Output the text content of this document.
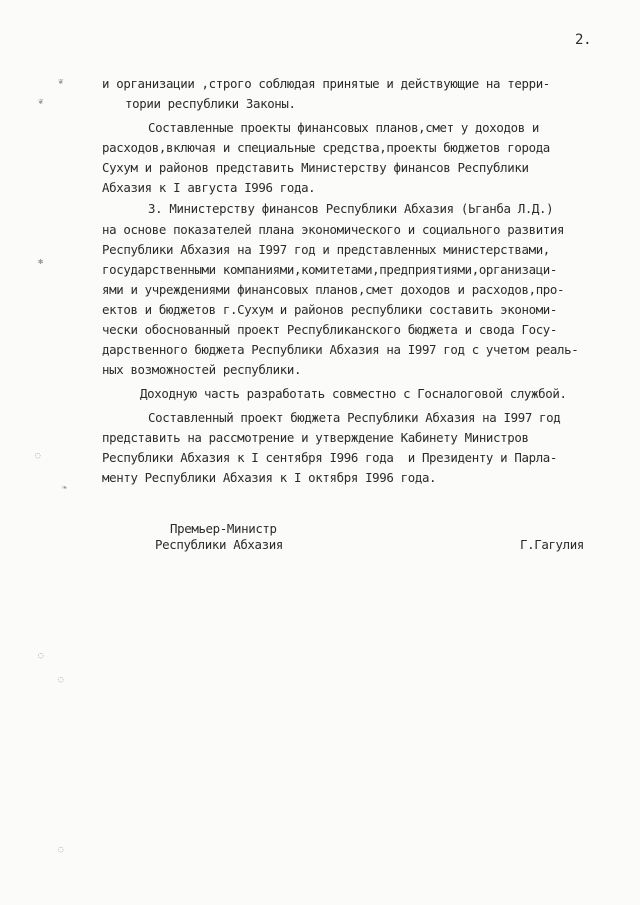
2.
и организации ,строго соблюдая принятые и действующие на терри-
тории республики Законы.
Составленные проекты финансовых планов,смет у доходов и
расходов,включая и специальные средства,проекты бюджетов города
Сухум и районов представить Министерству финансов Республики
Абхазия к I августа I996 года.
3. Министерству финансов Республики Абхазия (Ьганба Л.Д.)
на основе показателей плана экономического и социального развития
Республики Абхазия на I997 год и представленных министерствами,
государственными компаниями,комитетами,предприятиями,организаци-
ями и учреждениями финансовых планов,смет доходов и расходов,про-
ектов и бюджетов г.Сухум и районов республики составить экономи-
чески обоснованный проект Республиканского бюджета и свода Госу-
дарственного бюджета Республики Абхазия на I997 год с учетом реаль-
ных возможностей республики.
Доходную часть разработать совместно с Госналоговой службой.
Составленный проект бюджета Республики Абхазия на I997 год
представить на рассмотрение и утверждение Кабинету Министров
Республики Абхазия к I сентября I996 года  и Президенту и Парла-
менту Республики Абхазия к I октября I996 года.
Премьер-Министр
Республики Абхазия	Г.Гагулия
❦
❦
✱
◌
❧
◌
◌
◌
